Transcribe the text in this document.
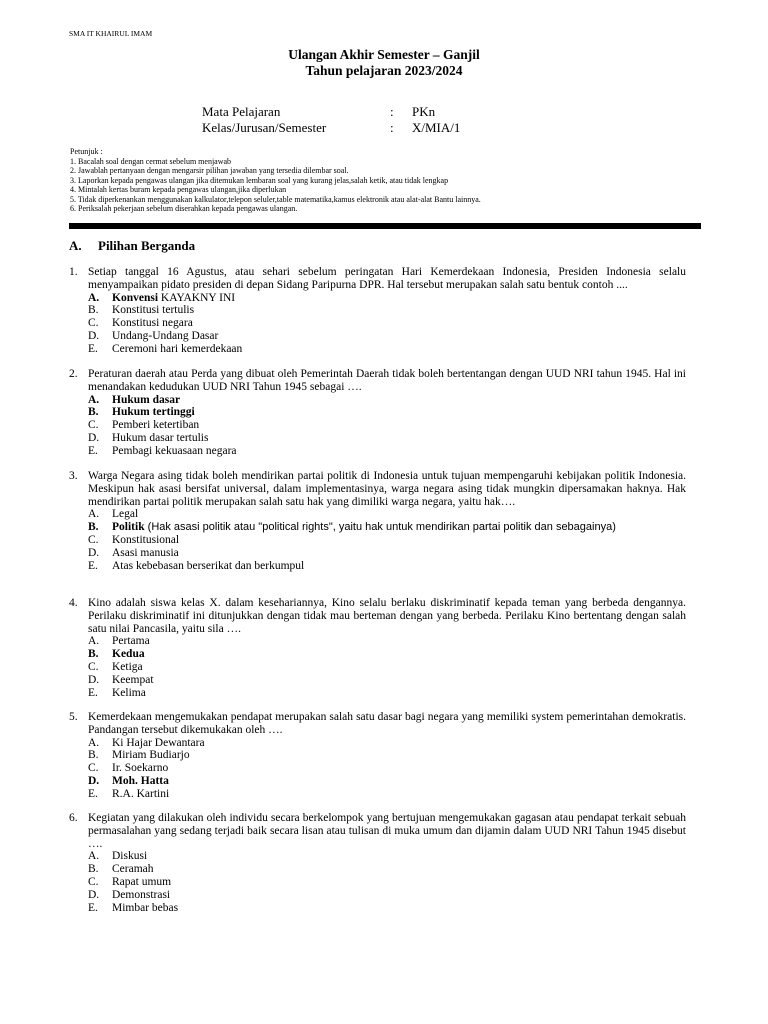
SMA IT KHAIRUL IMAM
Ulangan Akhir Semester – Ganjil
Tahun pelajaran 2023/2024
Mata Pelajaran	: PKn
Kelas/Jurusan/Semester	: X/MIA/1
Petunjuk :
1. Bacalah soal dengan cermat sebelum menjawab
2. Jawablah pertanyaan dengan mengarsir pilihan jawaban yang tersedia dilembar soal.
3. Laporkan kepada pengawas ulangan jika ditemukan lembaran soal yang kurang jelas,salah ketik, atau tidak lengkap
4. Mintalah kertas buram kepada pengawas ulangan,jika diperlukan
5. Tidak diperkenankan menggunakan kalkulator,telepon seluler,table matematika,kamus elektronik atau alat-alat Bantu lainnya.
6. Periksalah pekerjaan sebelum diserahkan kepada pengawas ulangan.
A. Pilihan Berganda
1. Setiap tanggal 16 Agustus, atau sehari sebelum peringatan Hari Kemerdekaan Indonesia, Presiden Indonesia selalu menyampaikan pidato presiden di depan Sidang Paripurna DPR. Hal tersebut merupakan salah satu bentuk contoh ....
A. Konvensi KAYAKNY INI
B. Konstitusi tertulis
C. Konstitusi negara
D. Undang-Undang Dasar
E. Ceremoni hari kemerdekaan
2. Peraturan daerah atau Perda yang dibuat oleh Pemerintah Daerah tidak boleh bertentangan dengan UUD NRI tahun 1945. Hal ini menandakan kedudukan UUD NRI Tahun 1945 sebagai ….
A. Hukum dasar
B. Hukum tertinggi
C. Pemberi ketertiban
D. Hukum dasar tertulis
E. Pembagi kekuasaan negara
3. Warga Negara asing tidak boleh mendirikan partai politik di Indonesia untuk tujuan mempengaruhi kebijakan politik Indonesia. Meskipun hak asasi bersifat universal, dalam implementasinya, warga negara asing tidak mungkin dipersamakan haknya. Hak mendirikan partai politik merupakan salah satu hak yang dimiliki warga negara, yaitu hak….
A. Legal
B. Politik (Hak asasi politik atau "political rights", yaitu hak untuk mendirikan partai politik dan sebagainya)
C. Konstitusional
D. Asasi manusia
E. Atas kebebasan berserikat dan berkumpul
4. Kino adalah siswa kelas X. dalam kesehariannya, Kino selalu berlaku diskriminatif kepada teman yang berbeda dengannya. Perilaku diskriminatif ini ditunjukkan dengan tidak mau berteman dengan yang berbeda. Perilaku Kino bertentang dengan salah satu nilai Pancasila, yaitu sila ….
A. Pertama
B. Kedua
C. Ketiga
D. Keempat
E. Kelima
5. Kemerdekaan mengemukakan pendapat merupakan salah satu dasar bagi negara yang memiliki system pemerintahan demokratis. Pandangan tersebut dikemukakan oleh ….
A. Ki Hajar Dewantara
B. Miriam Budiarjo
C. Ir. Soekarno
D. Moh. Hatta
E. R.A. Kartini
6. Kegiatan yang dilakukan oleh individu secara berkelompok yang bertujuan mengemukakan gagasan atau pendapat terkait sebuah permasalahan yang sedang terjadi baik secara lisan atau tulisan di muka umum dan dijamin dalam UUD NRI Tahun 1945 disebut ….
A. Diskusi
B. Ceramah
C. Rapat umum
D. Demonstrasi
E. Mimbar bebas
